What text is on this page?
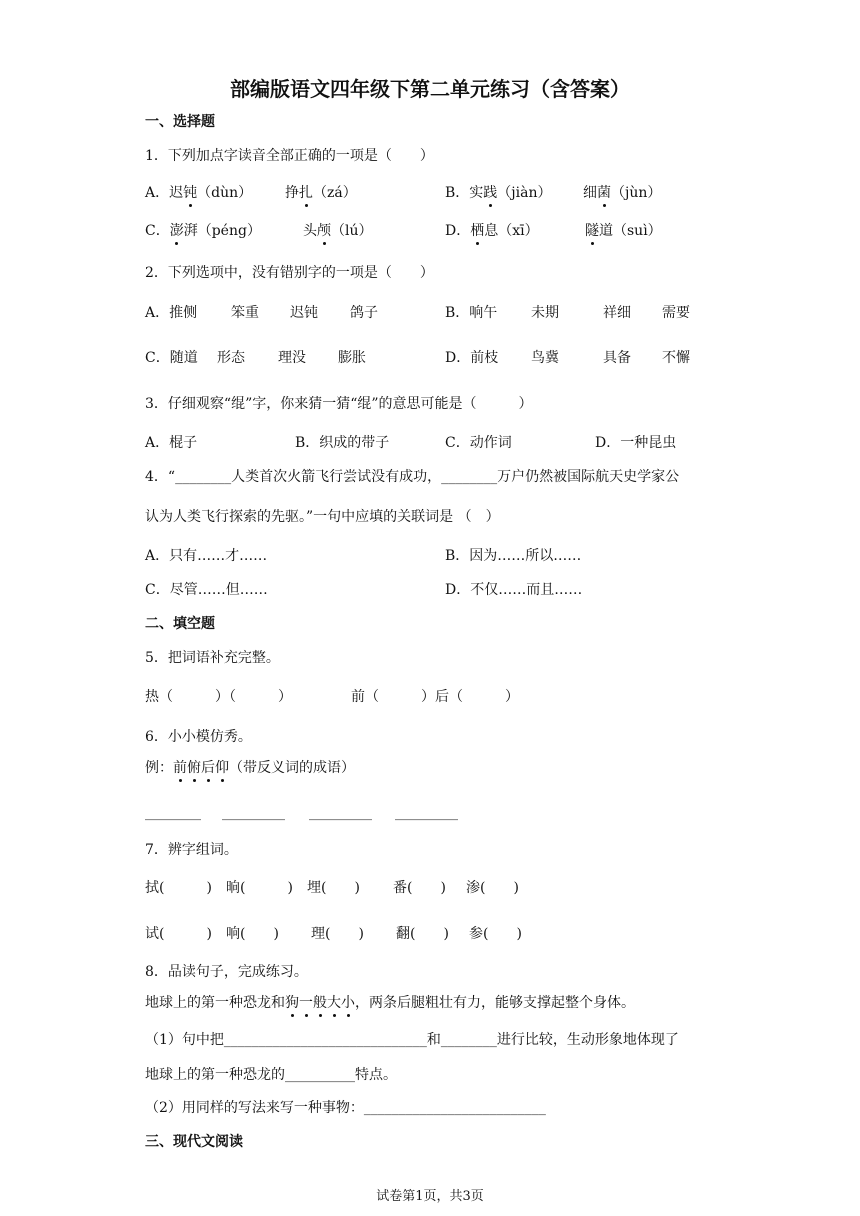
部编版语文四年级下第二单元练习（含答案）
一、选择题
1．下列加点字读音全部正确的一项是（　　）
A．迟钝（dùn） 挣扎（zá）	B．实践（jiàn） 细菌（jùn）
C．澎湃（péng）	头颅（lú）	D．栖息（xī）	隧道（suì）
2．下列选项中，没有错别字的一项是（　　）
A．推侧 笨重 迟钝 鸽子	B．响午 未期	祥细 需要
C．随道 形态 理没 膨胀	D．前枝 鸟冀	具备 不懈
3．仔细观察“绲”字，你来猜一猜“绲”的意思可能是（　　　）
A．棍子	B．织成的带子	C．动作词	D．一种昆虫
4．“________人类首次火箭飞行尝试没有成功，________万户仍然被国际航天史学家公
认为人类飞行探索的先驱。”一句中应填的关联词是 （　）
A．只有……才……	B．因为……所以……
C．尽管……但……	D．不仅……而且……
二、填空题
5．把词语补充完整。
热（　　　）（　　　）	前（　　　）后（　　　）
6．小小模仿秀。
例：前俯后仰（带反义词的成语）
________ _________ _________ _________
7．辨字组词。
拭(　　　) 晌(　　　) 埋(　　) 番(　　) 渗(　　)
试(　　　) 响(　　) 理(　　) 翻(　　) 参(　　)
8．品读句子，完成练习。
地球上的第一种恐龙和狗一般大小，两条后腿粗壮有力，能够支撑起整个身体。
（1）句中把_____________________________和________进行比较，生动形象地体现了
地球上的第一种恐龙的__________特点。
（2）用同样的写法来写一种事物：__________________________
三、现代文阅读
试卷第1页，共3页
